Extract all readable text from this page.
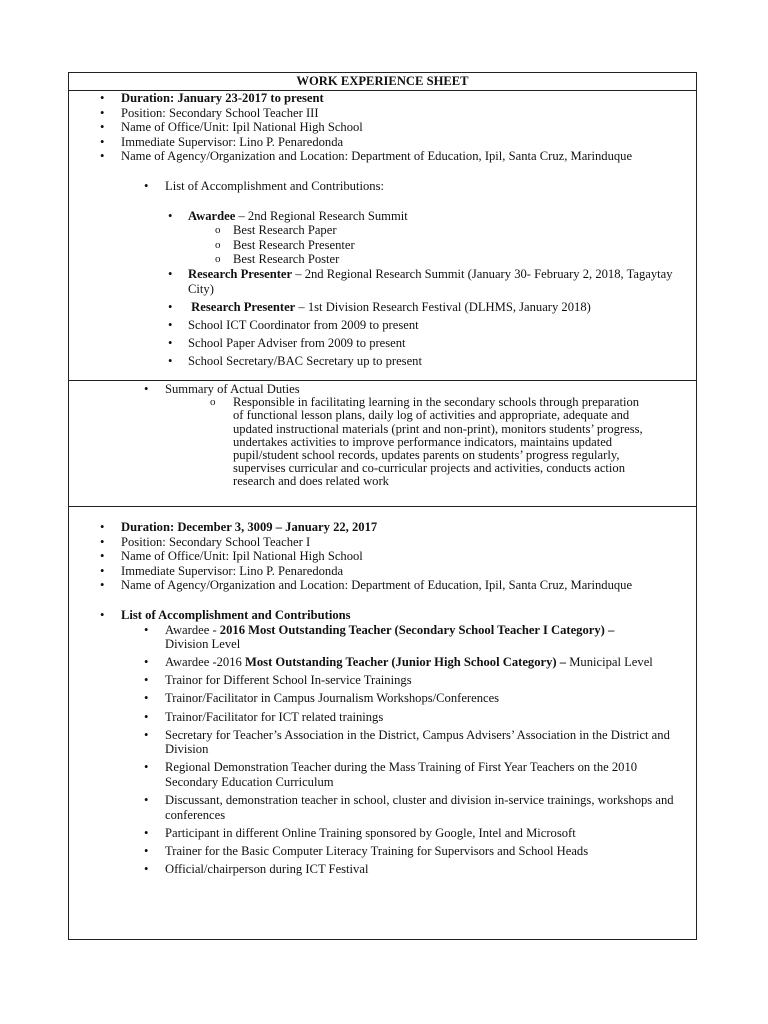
WORK EXPERIENCE SHEET
• Duration: January 23-2017 to present
• Position: Secondary School Teacher III
• Name of Office/Unit: Ipil National High School
• Immediate Supervisor: Lino P. Penaredonda
• Name of Agency/Organization and Location: Department of Education, Ipil, Santa Cruz, Marinduque
• List of Accomplishment and Contributions:
• Awardee – 2nd Regional Research Summit
o Best Research Paper
o Best Research Presenter
o Best Research Poster
• Research Presenter – 2nd Regional Research Summit (January 30- February 2, 2018, Tagaytay City)
• Research Presenter – 1st Division Research Festival (DLHMS, January 2018)
• School ICT Coordinator from 2009 to present
• School Paper Adviser from 2009 to present
• School Secretary/BAC Secretary up to present
• Summary of Actual Duties
o Responsible in facilitating learning in the secondary schools through preparation of functional lesson plans, daily log of activities and appropriate, adequate and updated instructional materials (print and non-print), monitors students’ progress, undertakes activities to improve performance indicators, maintains updated pupil/student school records, updates parents on students’ progress regularly, supervises curricular and co-curricular projects and activities, conducts action research and does related work
• Duration: December 3, 3009 – January 22, 2017
• Position: Secondary School Teacher I
• Name of Office/Unit: Ipil National High School
• Immediate Supervisor: Lino P. Penaredonda
• Name of Agency/Organization and Location: Department of Education, Ipil, Santa Cruz, Marinduque
• List of Accomplishment and Contributions
• Awardee - 2016 Most Outstanding Teacher (Secondary School Teacher I Category) – Division Level
• Awardee -2016 Most Outstanding Teacher (Junior High School Category) – Municipal Level
• Trainor for Different School In-service Trainings
• Trainor/Facilitator in Campus Journalism Workshops/Conferences
• Trainor/Facilitator for ICT related trainings
• Secretary for Teacher’s Association in the District, Campus Advisers’ Association in the District and Division
• Regional Demonstration Teacher during the Mass Training of First Year Teachers on the 2010 Secondary Education Curriculum
• Discussant, demonstration teacher in school, cluster and division in-service trainings, workshops and conferences
• Participant in different Online Training sponsored by Google, Intel and Microsoft
• Trainer for the Basic Computer Literacy Training for Supervisors and School Heads
• Official/chairperson during ICT Festival
